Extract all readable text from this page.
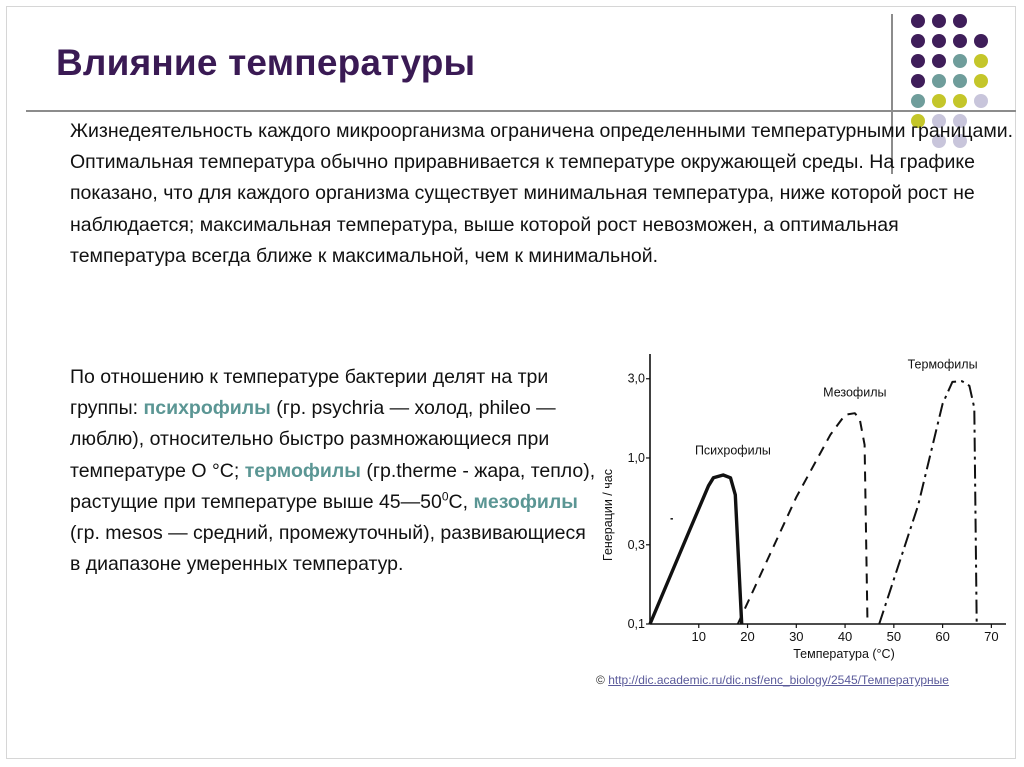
Влияние температуры

Жизнедеятельность каждого микроорганизма ограничена определенными температурными границами. Оптимальная температура обычно приравнивается к температуре окружающей среды. На графике показано, что для каждого организма существует минимальная температура, ниже которой рост не наблюдается; максимальная температура, выше которой рост невозможен, а оптимальная температура всегда ближе к максимальной, чем к минимальной.

По отношению к температуре бактерии делят на три группы: психрофилы (гр. psychria — холод, phileo — люблю), относительно быстро размножающиеся при температуре О °С; термофилы (гр.therme - жара, тепло), растущие при температуре выше $45—50^0С$, мезофилы (гр. mesos — средний, промежуточный), развивающиеся в диапазоне умеренных температур.

0,1
0,3
1,0
3,0
10	20	30	40	50	60	70
Температура (°С)
Генерации / час
Психрофилы
Мезофилы
Термофилы

© http://dic.academic.ru/dic.nsf/enc_biology/2545/Температурные
